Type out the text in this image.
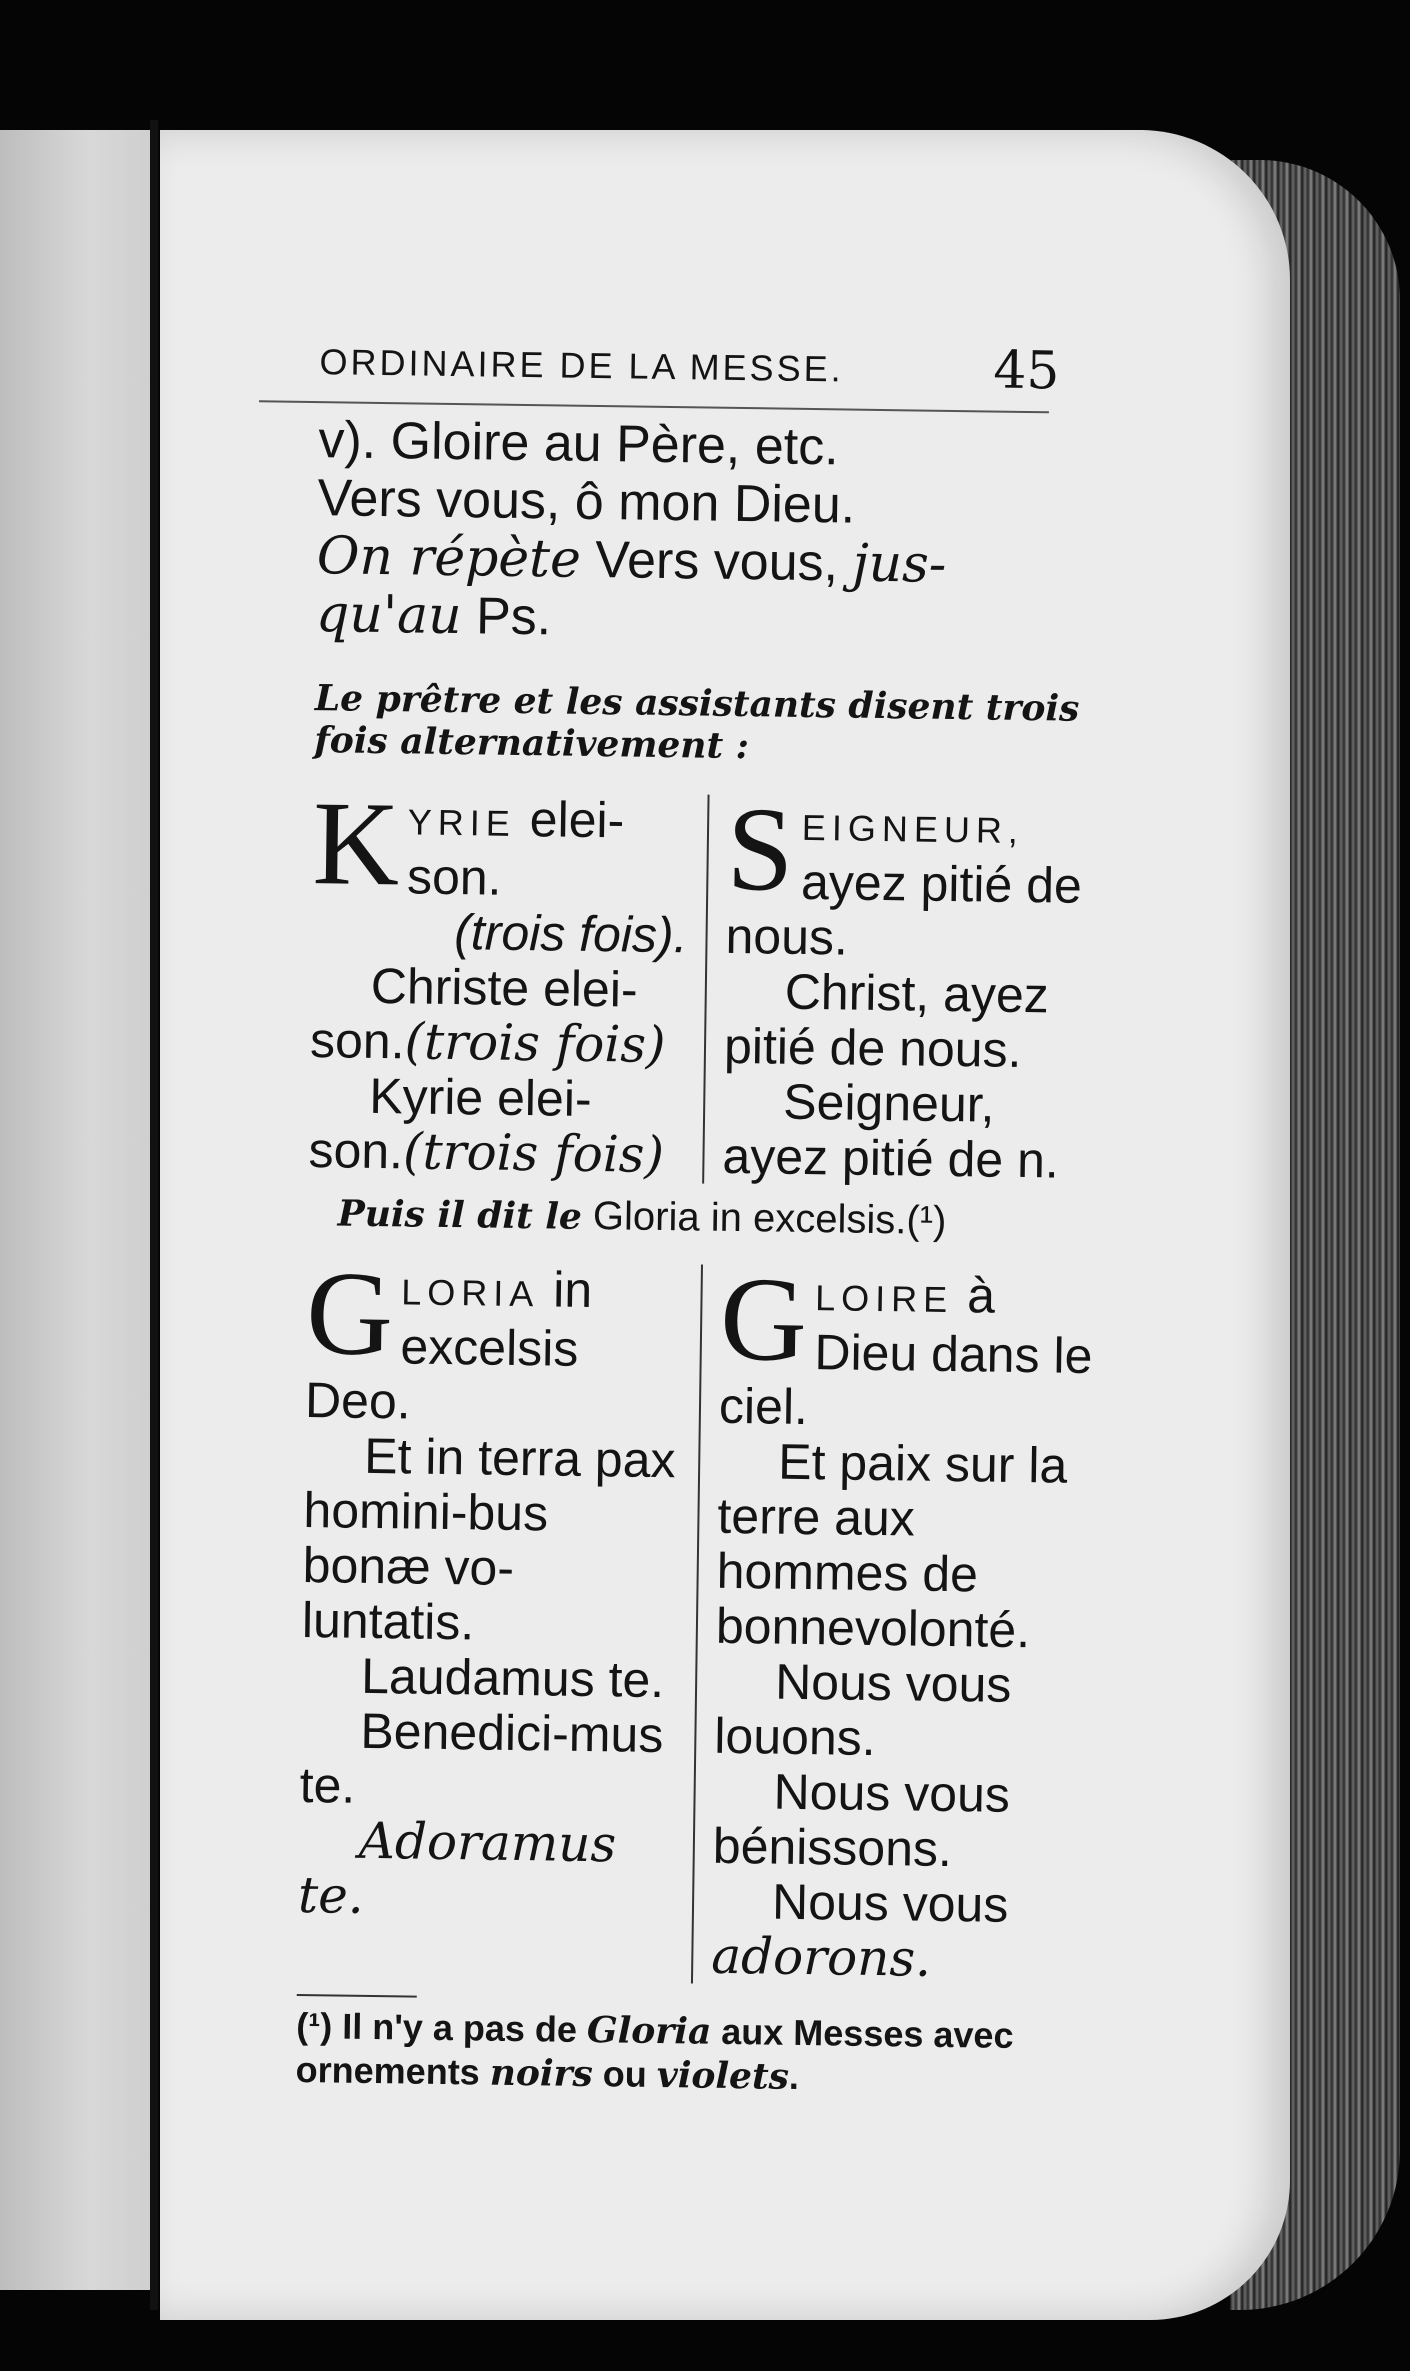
ORDINAIRE DE LA MESSE.	45
v). Gloire au Père, etc.
Vers vous, ô mon Dieu.
On répète Vers vous, jus-
qu'au Ps.
Le prêtre et les assistants disent trois fois alternativement :

KYRIE elei-son.

(trois fois).

Christe elei-son.(trois fois)

Kyrie elei-son.(trois fois)

SEIGNEUR, ayez pitié de nous.

Christ, ayez pitié de nous.

Seigneur, ayez pitié de n.

Puis il dit le Gloria in excelsis.(¹)

GLORIA in excelsis Deo.

Et in terra pax homini-bus bonæ vo-luntatis.

Laudamus te.

Benedici-mus te.

Adoramus te.

GLOIRE à Dieu dans le ciel.

Et paix sur la terre aux hommes de bonnevolonté.

Nous vous louons.

Nous vous bénissons.

Nous vous
adorons.

(¹) Il n'y a pas de Gloria aux Messes avec ornements noirs ou violets.
